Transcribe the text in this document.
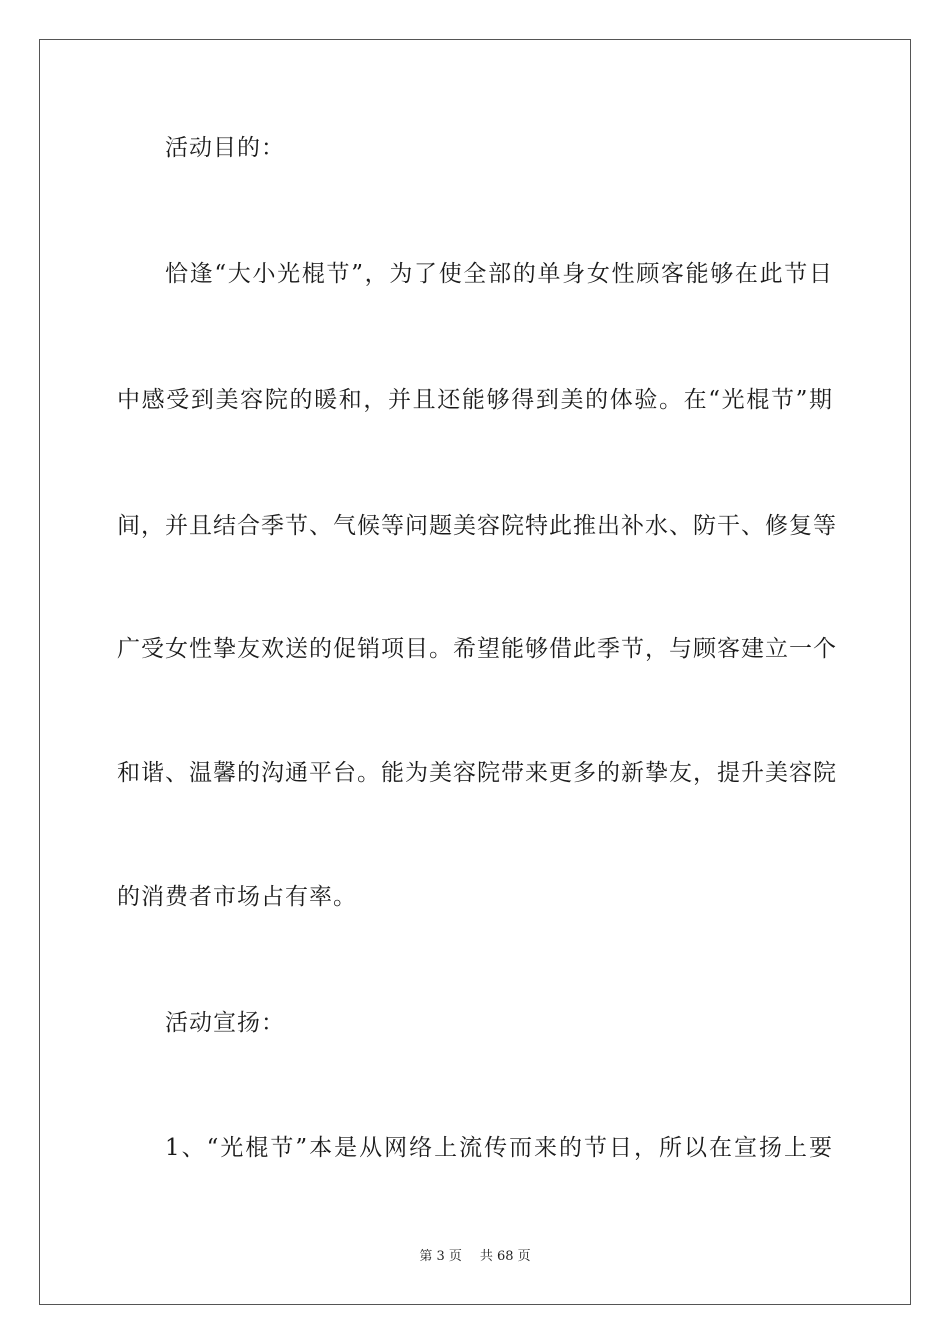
活动目的：
恰逢“大小光棍节”，为了使全部的单身女性顾客能够在此节日
中感受到美容院的暖和，并且还能够得到美的体验。在“光棍节”期
间，并且结合季节、气候等问题美容院特此推出补水、防干、修复等
广受女性挚友欢送的促销项目。希望能够借此季节，与顾客建立一个
和谐、温馨的沟通平台。能为美容院带来更多的新挚友，提升美容院
的消费者市场占有率。
活动宣扬：
1、“光棍节”本是从网络上流传而来的节日，所以在宣扬上要
第 3 页 共 68 页
